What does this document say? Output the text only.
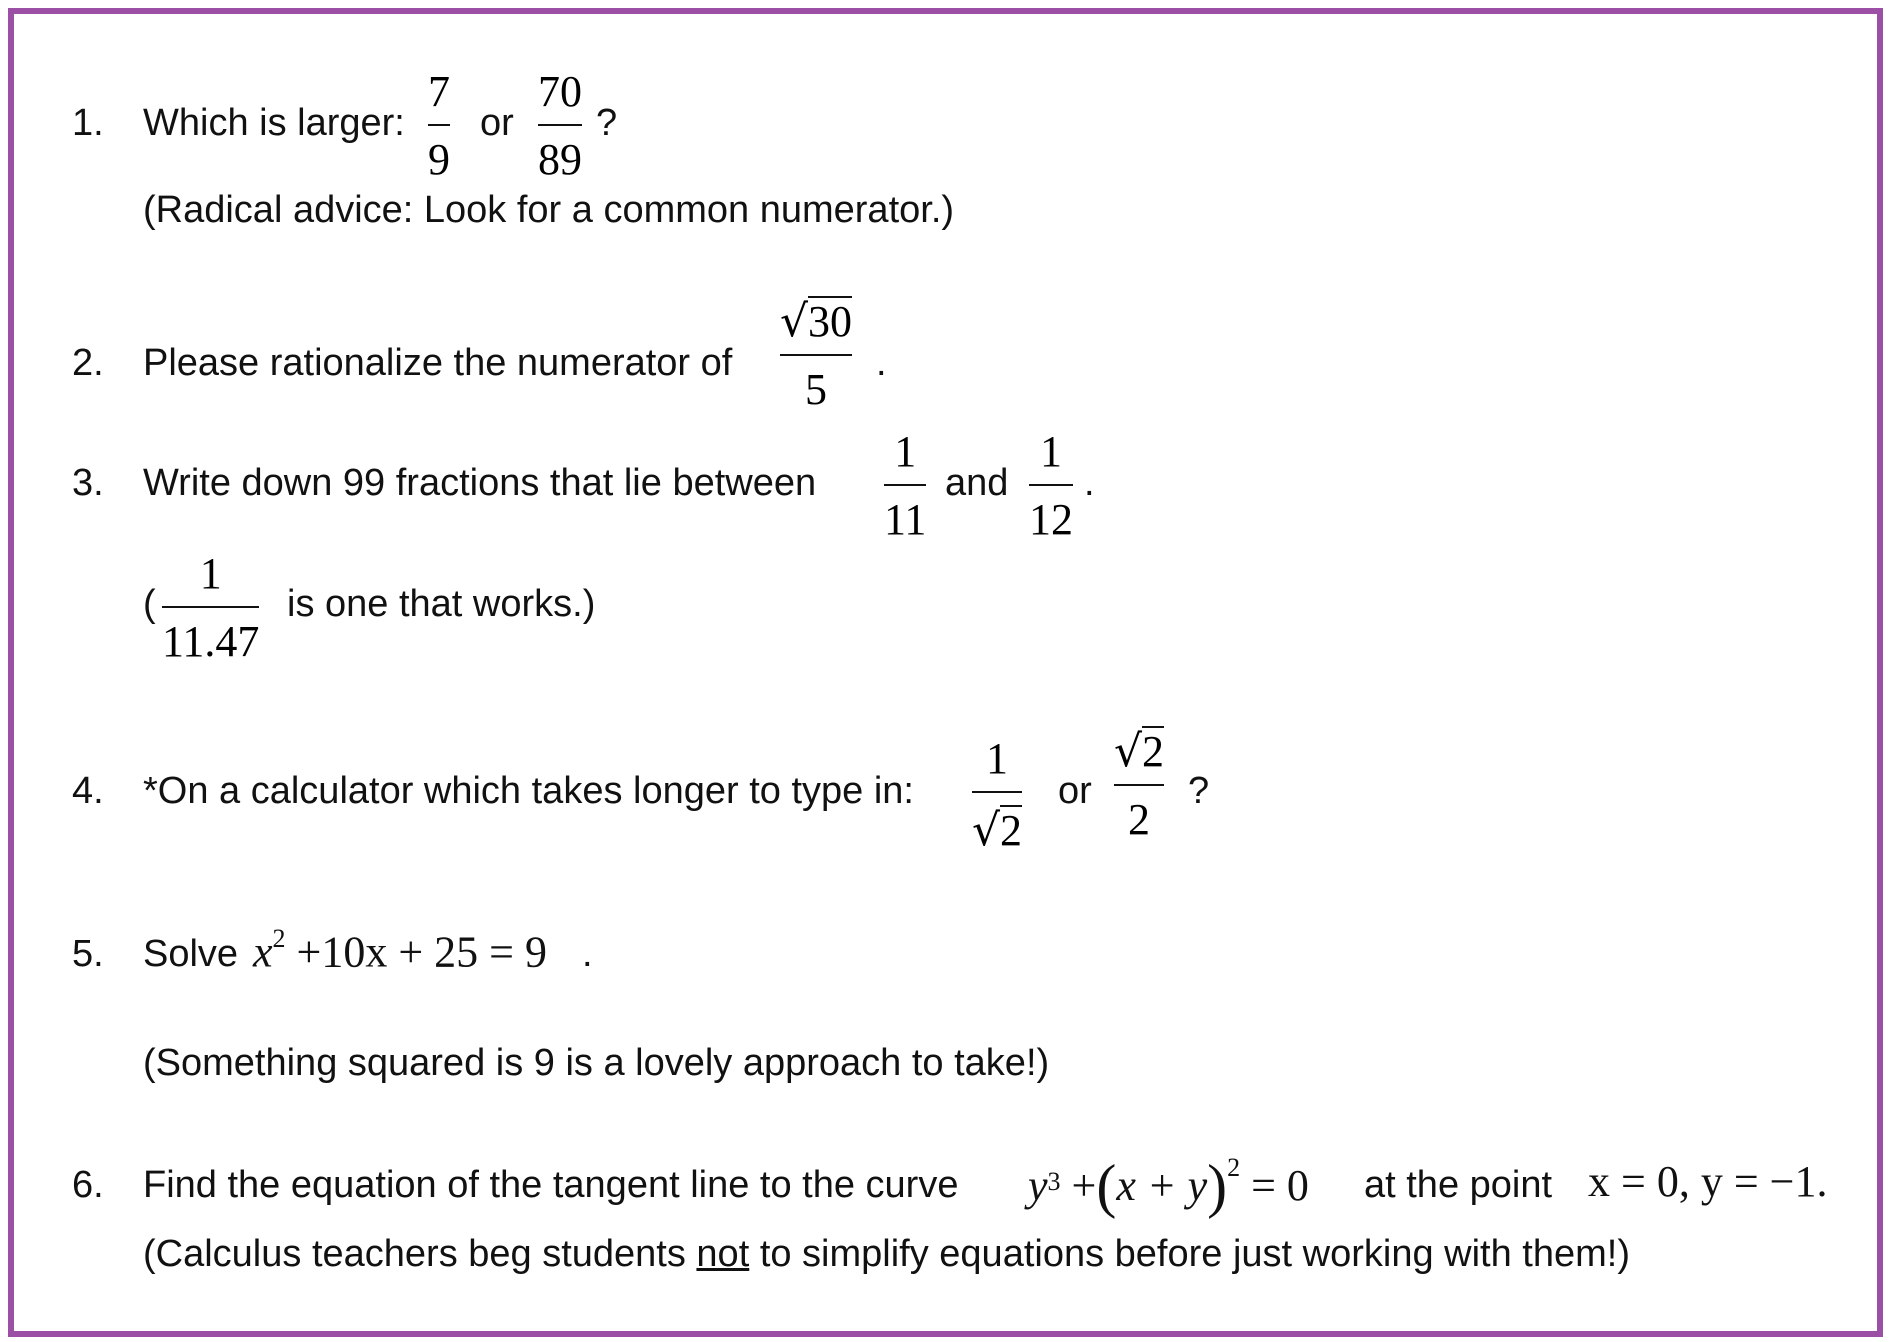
1. Which is larger:
7
9
or
70
89
?
(Radical advice: Look for a common numerator.)
2. Please rationalize the numerator of
√ 30
5
.
3. Write down 99 fractions that lie between
1
11
and
1
12
.
(
1
11.47
is one that works.)
4. *On a calculator which takes longer to type in:
1
√ 2
or
√ 2
2
?
5. Solve $x^2 +10x + 25 = 9$ .
(Something squared is 9 is a lovely approach to take!)
6. Find the equation of the tangent line to the curve $y^3$
+ ( x + y )$^2$
= 0 at the point x = 0, y = −1.
(Calculus teachers beg students not to simplify equations before just working with them!)
